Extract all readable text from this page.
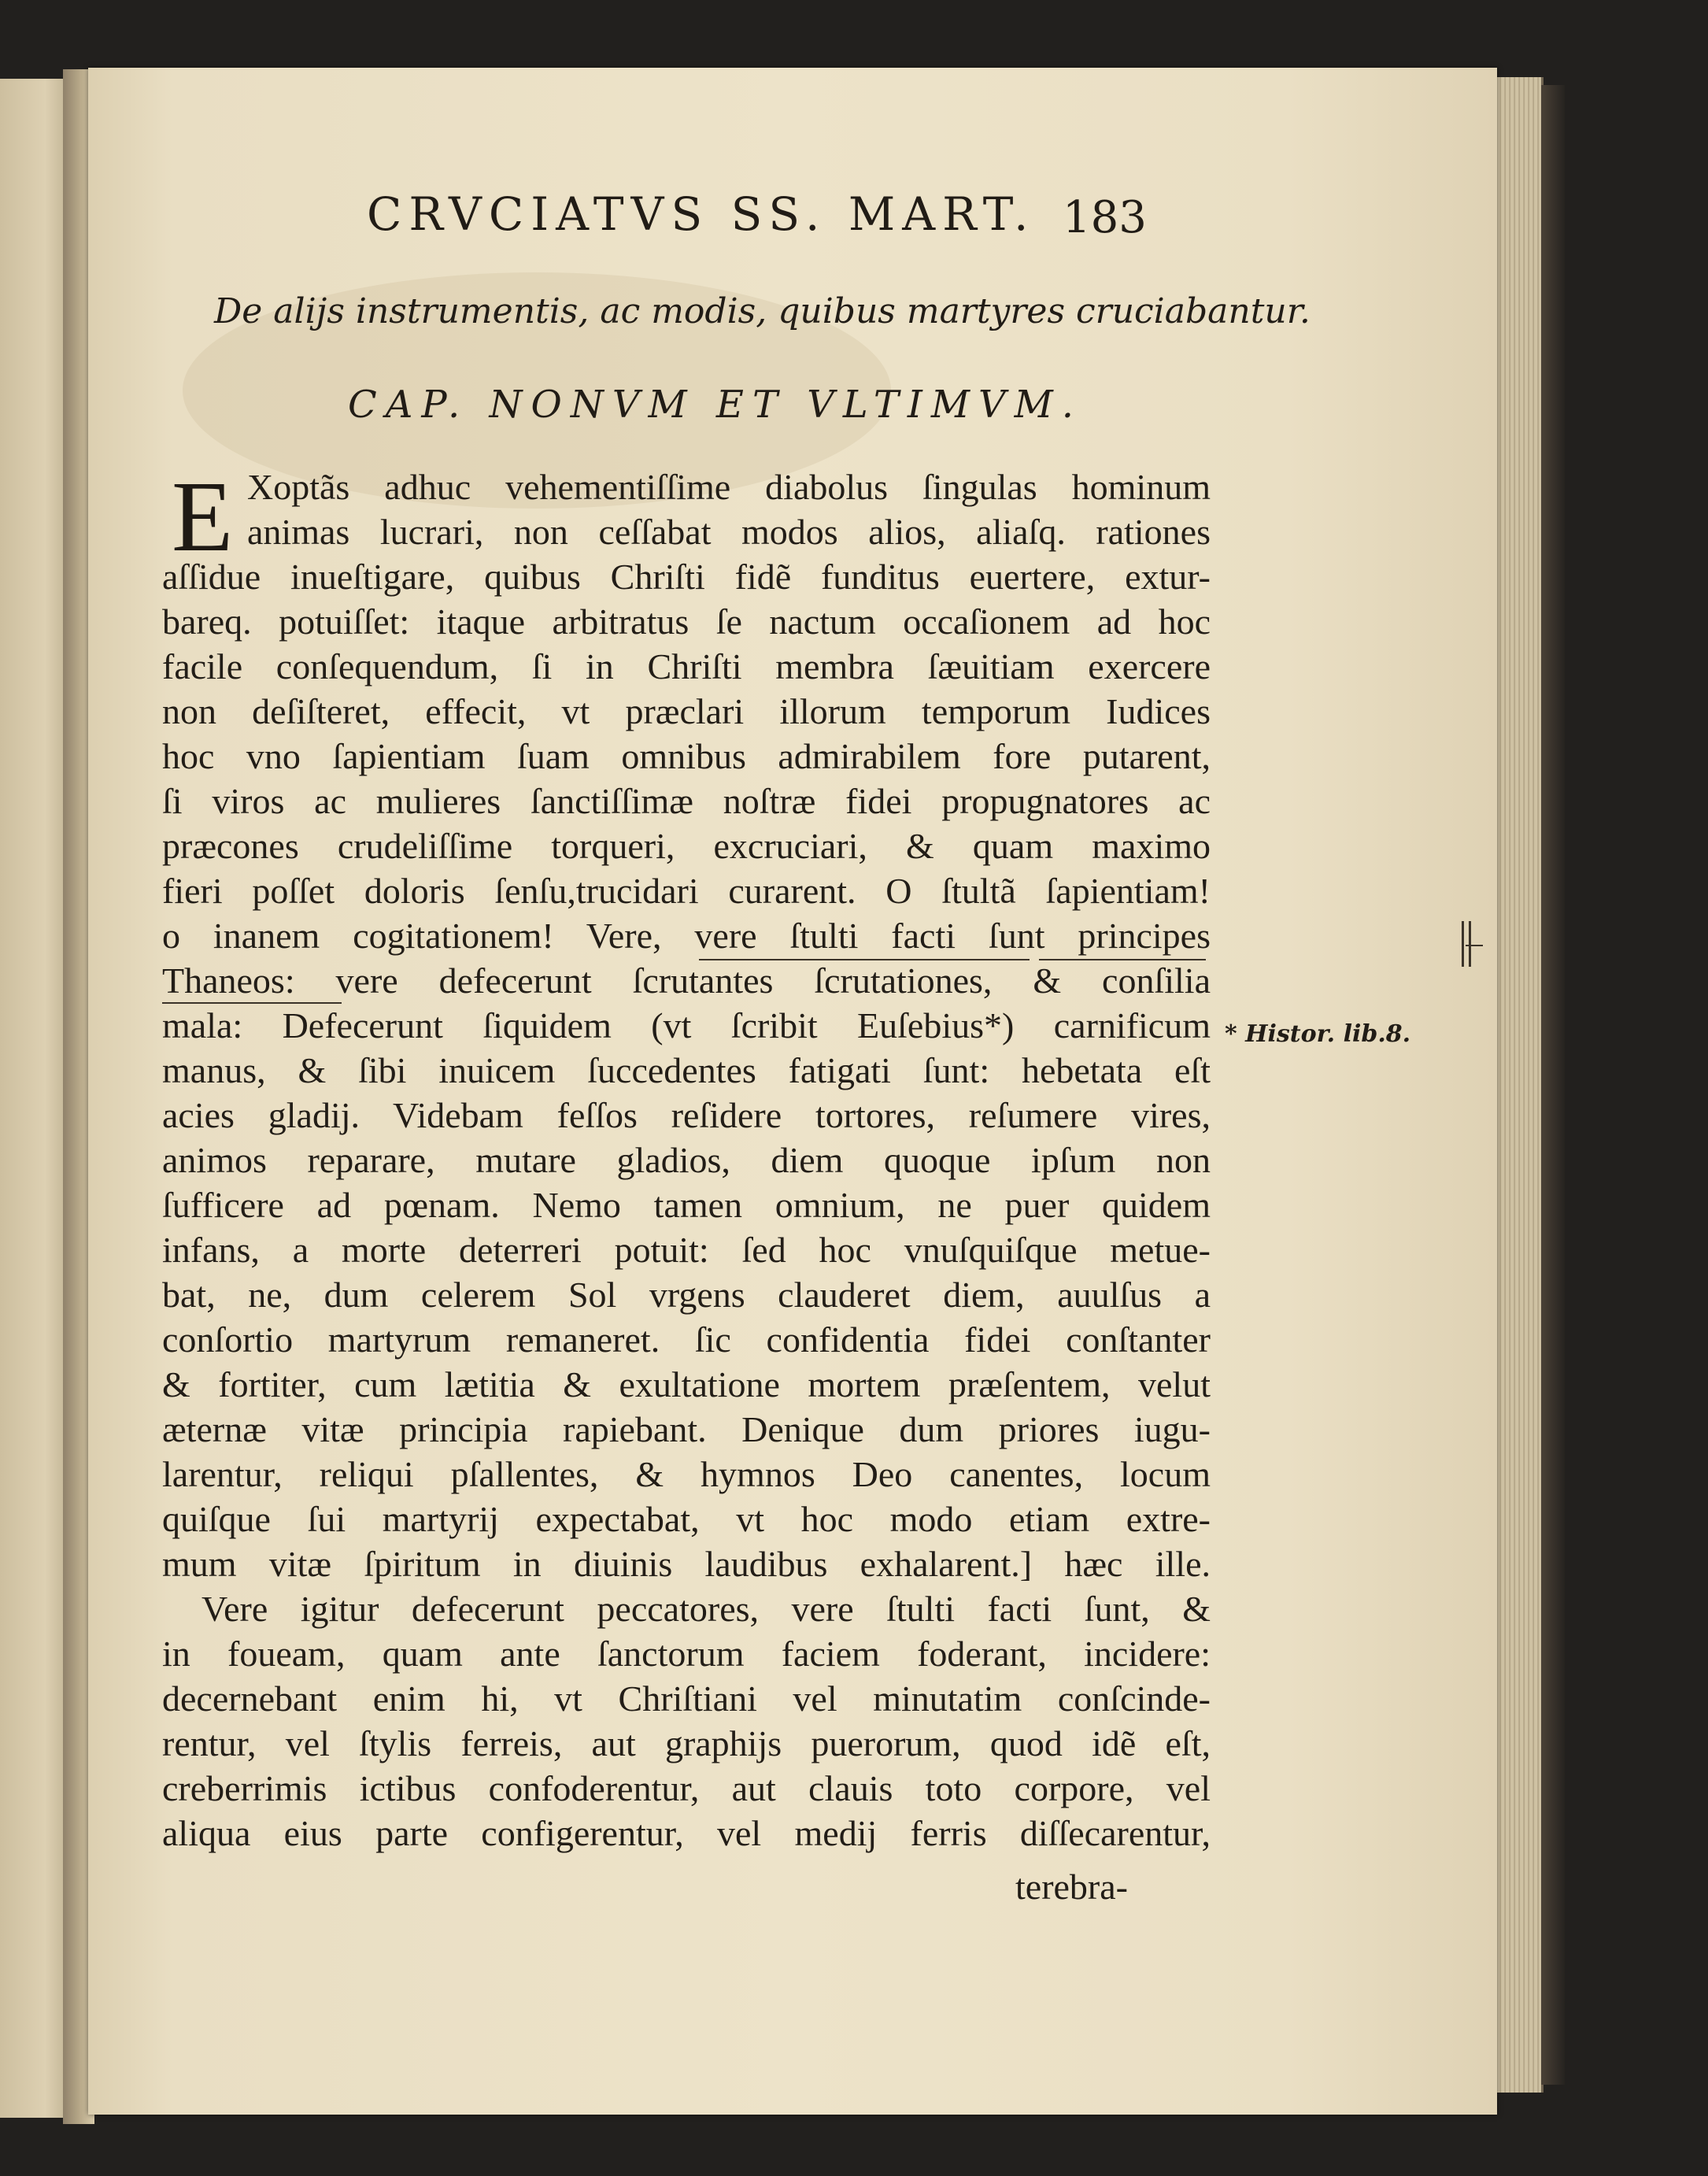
CRVCIATVS SS. MART. 183
De alijs instrumentis, ac modis, quibus martyres cruciabantur.
CAP. NONVM ET VLTIMVM.
E Xoptãs adhuc vehementiſſime diabolus ſingulas hominum
animas lucrari, non ceſſabat modos alios, aliaſq. rationes
aſſidue inueſtigare, quibus Chriſti fidẽ funditus euertere, extur-
bareq. potuiſſet: itaque arbitratus ſe nactum occaſionem ad hoc
facile conſequendum, ſi in Chriſti membra ſæuitiam exercere
non deſiſteret, effecit, vt præclari illorum temporum Iudices
hoc vno ſapientiam ſuam omnibus admirabilem fore putarent,
ſi viros ac mulieres ſanctiſſimæ noſtræ fidei propugnatores ac
præcones crudeliſſime torqueri, excruciari, & quam maximo
fieri poſſet doloris ſenſu,trucidari curarent. O ſtultã ſapientiam!
o inanem cogitationem! Vere, vere ſtulti facti ſunt principes
Thaneos: vere defecerunt ſcrutantes ſcrutationes, & conſilia
mala: Defecerunt ſiquidem (vt ſcribit Euſebius*) carnificum
manus, & ſibi inuicem ſuccedentes fatigati ſunt: hebetata eſt
acies gladij. Videbam feſſos reſidere tortores, reſumere vires,
animos reparare, mutare gladios, diem quoque ipſum non
ſufficere ad pœnam. Nemo tamen omnium, ne puer quidem
infans, a morte deterreri potuit: ſed hoc vnuſquiſque metue-
bat, ne, dum celerem Sol vrgens clauderet diem, auulſus a
conſortio martyrum remaneret. ſic confidentia fidei conſtanter
& fortiter, cum lætitia & exultatione mortem præſentem, velut
æternæ vitæ principia rapiebant. Denique dum priores iugu-
larentur, reliqui pſallentes, & hymnos Deo canentes, locum
quiſque ſui martyrij expectabat, vt hoc modo etiam extre-
mum vitæ ſpiritum in diuinis laudibus exhalarent.] hæc ille.
Vere igitur defecerunt peccatores, vere ſtulti facti ſunt, &
in foueam, quam ante ſanctorum faciem foderant, incidere:
decernebant enim hi, vt Chriſtiani vel minutatim conſcinde-
rentur, vel ſtylis ferreis, aut graphijs puerorum, quod idẽ eſt,
creberrimis ictibus confoderentur, aut clauis toto corpore, vel
aliqua eius parte configerentur, vel medij ferris diſſecarentur,
* Histor. lib.8.
terebra-
